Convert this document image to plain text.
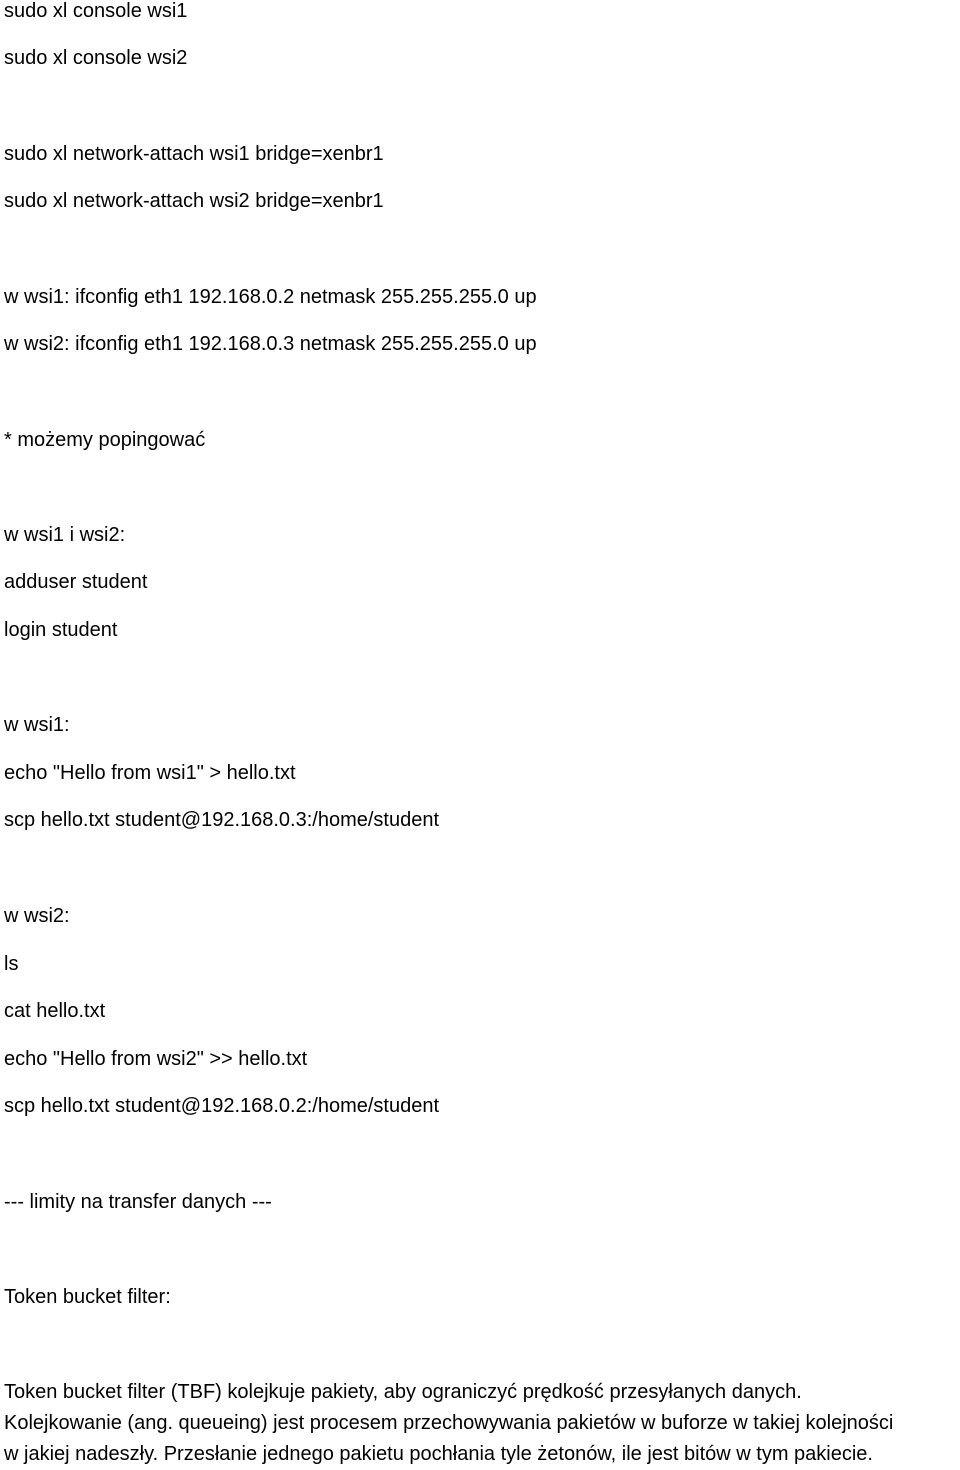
sudo xl console wsi1
sudo xl console wsi2
sudo xl network-attach wsi1 bridge=xenbr1
sudo xl network-attach wsi2 bridge=xenbr1
w wsi1: ifconfig eth1 192.168.0.2 netmask 255.255.255.0 up
w wsi2: ifconfig eth1 192.168.0.3 netmask 255.255.255.0 up
* możemy popingować
w wsi1 i wsi2:
adduser student
login student
w wsi1:
echo "Hello from wsi1" > hello.txt
scp hello.txt student@192.168.0.3:/home/student
w wsi2:
ls
cat hello.txt
echo "Hello from wsi2" >> hello.txt
scp hello.txt student@192.168.0.2:/home/student
--- limity na transfer danych ---
Token bucket filter:
Token bucket filter (TBF) kolejkuje pakiety, aby ograniczyć prędkość przesyłanych danych.
Kolejkowanie (ang. queueing) jest procesem przechowywania pakietów w buforze w takiej kolejności
w jakiej nadeszły. Przesłanie jednego pakietu pochłania tyle żetonów, ile jest bitów w tym pakiecie.
